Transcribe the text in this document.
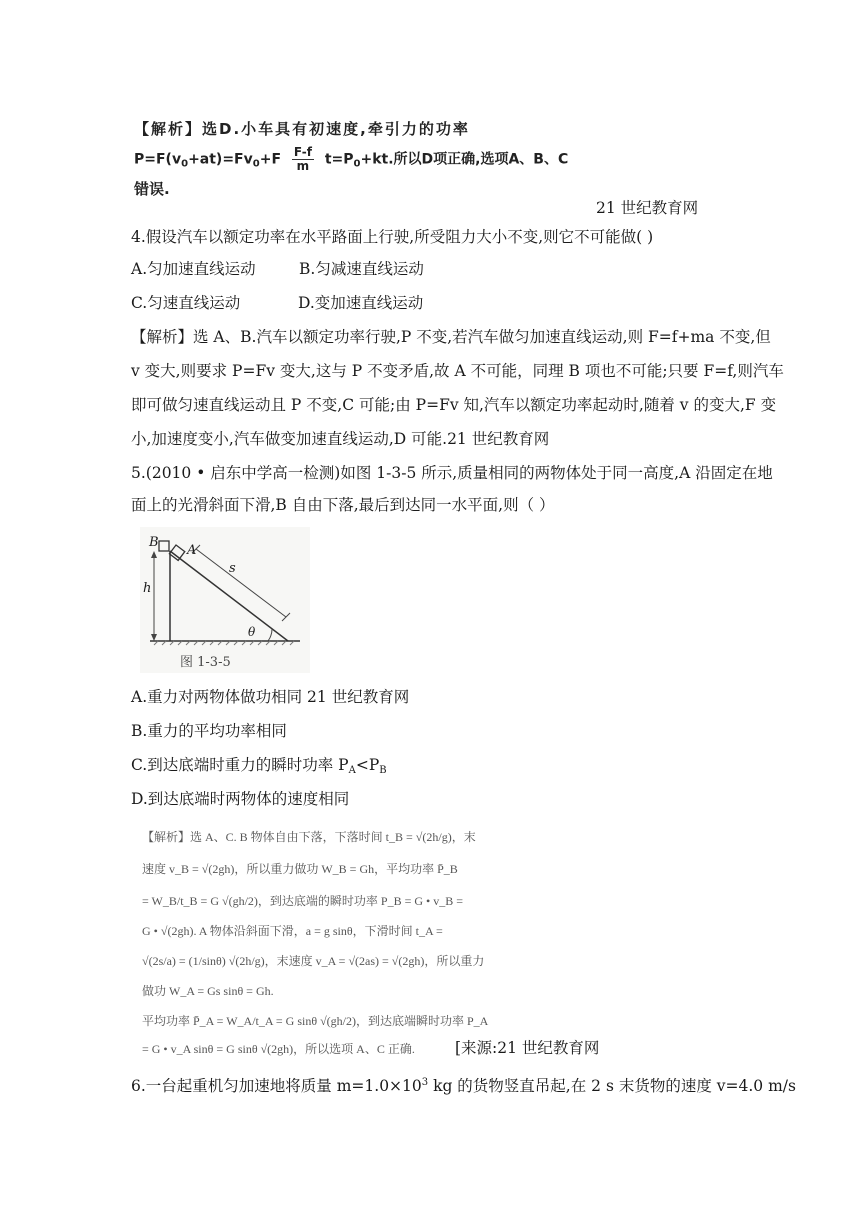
【解析】选D.小车具有初速度,牵引力的功率
$P=F(v_0+at)=Fv_0+F \frac{F-f}{m} t=P_0+kt$.所以D项正确,选项A、B、C
错误.
21 世纪教育网
4.假设汽车以额定功率在水平路面上行驶,所受阻力大小不变,则它不可能做( )
A.匀加速直线运动	B.匀减速直线运动
C.匀速直线运动	D.变加速直线运动
【解析】选 A、B.汽车以额定功率行驶,P 不变,若汽车做匀加速直线运动,则 F=f+ma 不变,但
v 变大,则要求 P=Fv 变大,这与 P 不变矛盾,故 A 不可能，同理 B 项也不可能;只要 F=f,则汽车
即可做匀速直线运动且 P 不变,C 可能;由 P=Fv 知,汽车以额定功率起动时,随着 v 的变大,F 变
小,加速度变小,汽车做变加速直线运动,D 可能.21 世纪教育网
5.(2010 • 启东中学高一检测)如图 1-3-5 所示,质量相同的两物体处于同一高度,A 沿固定在地
面上的光滑斜面下滑,B 自由下落,最后到达同一水平面,则（ ）
B
A
h
s
θ
图 1-3-5
A.重力对两物体做功相同 21 世纪教育网
B.重力的平均功率相同
C.到达底端时重力的瞬时功率 $P_A<P_B$
D.到达底端时两物体的速度相同
【解析】选 A、C. B 物体自由下落，下落时间 t_B = √(2h/g)，末
速度 v_B = √(2gh)，所以重力做功 W_B = Gh，平均功率 P̄_B
= W_B/t_B = G √(gh/2)，到达底端的瞬时功率 P_B = G • v_B =
G • √(2gh). A 物体沿斜面下滑，a = g sinθ，下滑时间 t_A =
√(2s/a) = (1/sinθ) √(2h/g)，末速度 v_A = √(2as) = √(2gh)，所以重力
做功 W_A = Gs sinθ = Gh.
平均功率 P̄_A = W_A/t_A = G sinθ √(gh/2)，到达底端瞬时功率 P_A
= G • v_A sinθ = G sinθ √(2gh)，所以选项 A、C 正确.	[来源:21 世纪教育网
6.一台起重机匀加速地将质量 $m=1.0\times 10^3$ kg 的货物竖直吊起,在 2 s 末货物的速度 v=4.0 m/s
